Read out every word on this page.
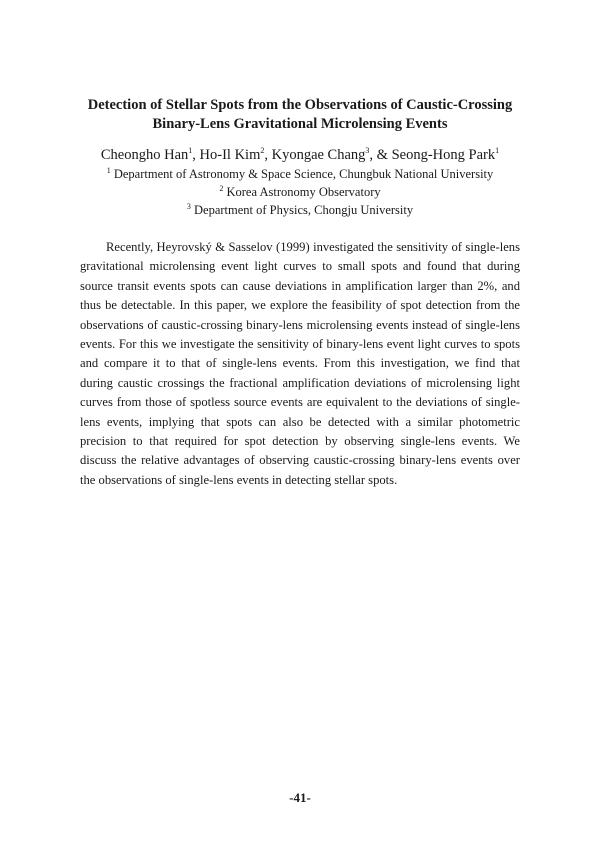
Detection of Stellar Spots from the Observations of Caustic-Crossing
Binary-Lens Gravitational Microlensing Events
Cheongho Han$^1$, Ho-Il Kim$^2$, Kyongae Chang$^3$, & Seong-Hong Park$^1$
$^1$ Department of Astronomy & Space Science, Chungbuk National University
$^2$ Korea Astronomy Observatory
$^3$ Department of Physics, Chongju University

Recently, Heyrovský & Sasselov (1999) investigated the sensitivity of single-lens gravitational microlensing event light curves to small spots and found that during source transit events spots can cause deviations in amplification larger than 2%, and thus be detectable. In this paper, we explore the feasibility of spot detection from the observations of caustic-crossing binary-lens microlensing events instead of single-lens events. For this we investigate the sensitivity of binary-lens event light curves to spots and compare it to that of single-lens events. From this investigation, we find that during caustic crossings the fractional amplification deviations of microlensing light curves from those of spotless source events are equivalent to the deviations of single-lens events, implying that spots can also be detected with a similar photometric precision to that required for spot detection by observing single-lens events. We discuss the relative advantages of observing caustic-crossing binary-lens events over the observations of single-lens events in detecting stellar spots.

-41-
